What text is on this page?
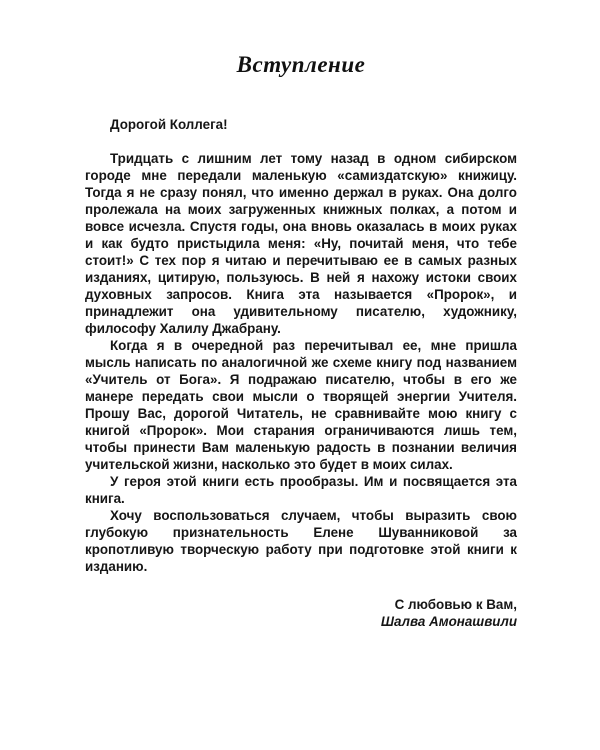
Вступление

Дорогой Коллега!

Тридцать с лишним лет тому назад в одном сибирском городе мне передали маленькую «самиздатскую» книжицу. Тогда я не сразу понял, что именно держал в руках. Она долго пролежала на моих загруженных книжных полках, а потом и вовсе исчезла. Спустя годы, она вновь оказалась в моих руках и как будто пристыдила меня: «Ну, почитай меня, что тебе стоит!» С тех пор я читаю и перечитываю ее в самых разных изданиях, цитирую, пользуюсь. В ней я нахожу истоки своих духовных запросов. Книга эта называется «Пророк», и принадлежит она удивительному писателю, художнику, философу Халилу Джабрану.

Когда я в очередной раз перечитывал ее, мне пришла мысль написать по аналогичной же схеме книгу под названием «Учитель от Бога». Я подражаю писателю, чтобы в его же манере передать свои мысли о творящей энергии Учителя. Прошу Вас, дорогой Читатель, не сравнивайте мою книгу с книгой «Пророк». Мои старания ограничиваются лишь тем, чтобы принести Вам маленькую радость в познании величия учительской жизни, насколько это будет в моих силах.

У героя этой книги есть прообразы. Им и посвящается эта книга.

Хочу воспользоваться случаем, чтобы выразить свою глубокую признательность Елене Шуванниковой за кропотливую творческую работу при подготовке этой книги к изданию.

С любовью к Вам,
Шалва Амонашвили
